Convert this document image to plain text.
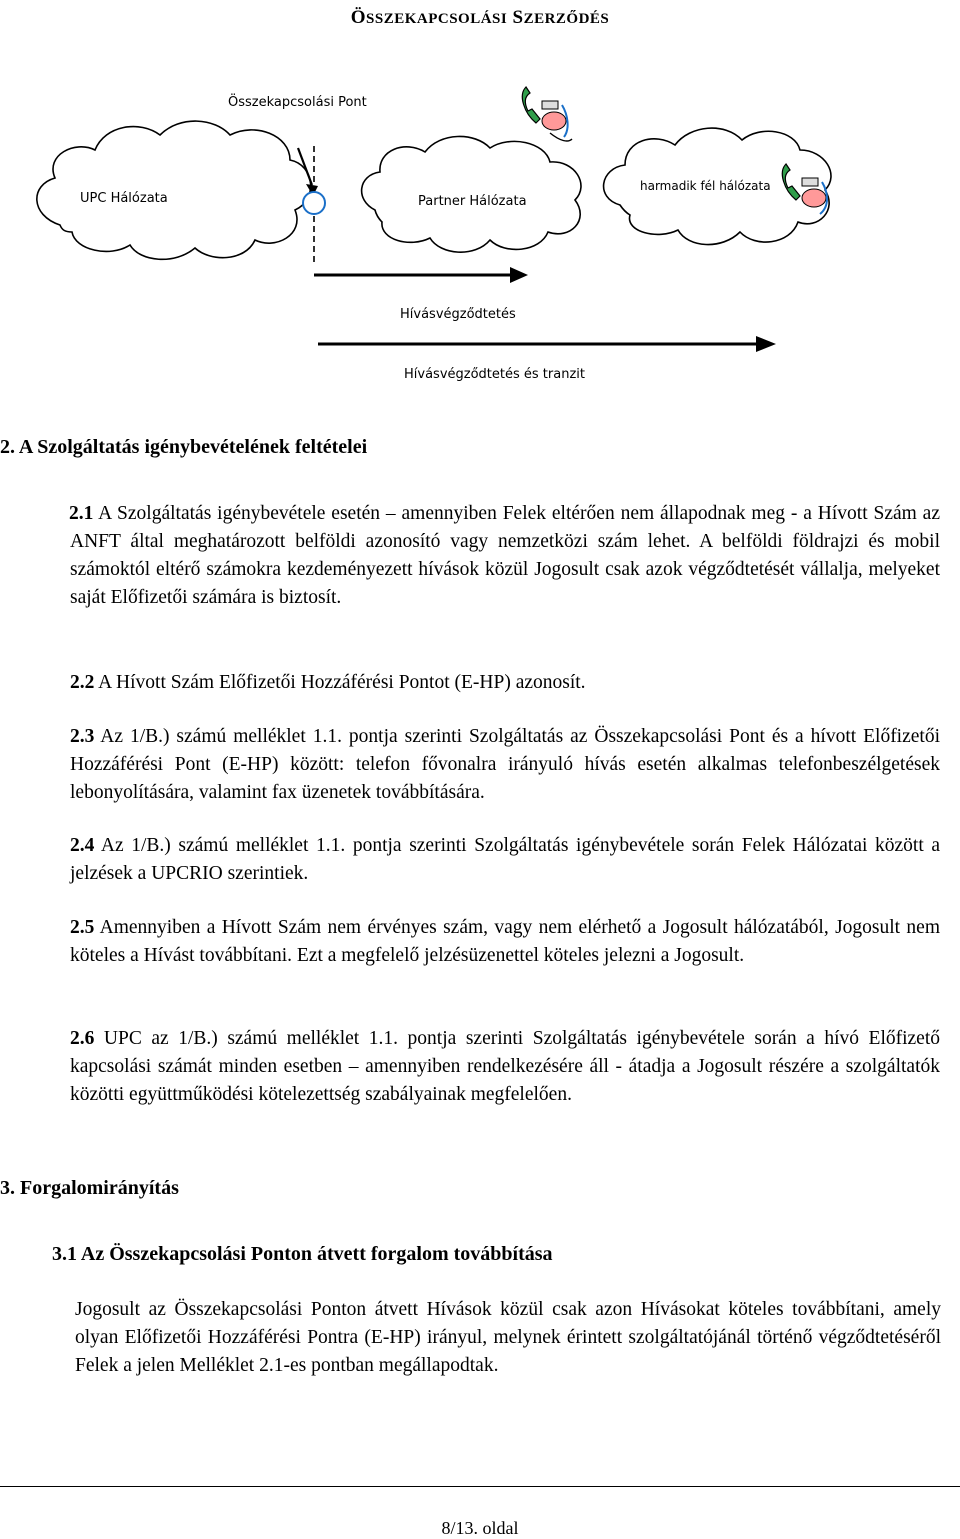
ÖSSZEKAPCSOLÁSI SZERZŐDÉS
UPC Hálózata	Partner Hálózata
harmadik fél hálózata
Összekapcsolási Pont
Hívásvégződtetés
Hívásvégződtetés és tranzit
2. A Szolgáltatás igénybevételének feltételei
2.1 A Szolgáltatás igénybevétele esetén – amennyiben Felek eltérően nem állapodnak meg - a Hívott Szám az ANFT által meghatározott belföldi azonosító vagy nemzetközi szám lehet. A belföldi földrajzi és mobil számoktól eltérő számokra kezdeményezett hívások közül Jogosult csak azok végződtetését vállalja, melyeket saját Előfizetői számára is biztosít.
2.2 A Hívott Szám Előfizetői Hozzáférési Pontot (E-HP) azonosít.
2.3 Az 1/B.) számú melléklet 1.1. pontja szerinti Szolgáltatás az Összekapcsolási Pont és a hívott Előfizetői Hozzáférési Pont (E-HP) között: telefon fővonalra irányuló hívás esetén alkalmas telefonbeszélgetések lebonyolítására, valamint fax üzenetek továbbítására.
2.4 Az 1/B.) számú melléklet 1.1. pontja szerinti Szolgáltatás igénybevétele során Felek Hálózatai között a jelzések a UPCRIO szerintiek.
2.5 Amennyiben a Hívott Szám nem érvényes szám, vagy nem elérhető a Jogosult hálózatából, Jogosult nem köteles a Hívást továbbítani. Ezt a megfelelő jelzésüzenettel köteles jelezni a Jogosult.
2.6 UPC az 1/B.) számú melléklet 1.1. pontja szerinti Szolgáltatás igénybevétele során a hívó Előfizető kapcsolási számát minden esetben – amennyiben rendelkezésére áll - átadja a Jogosult részére a szolgáltatók közötti együttműködési kötelezettség szabályainak megfelelően.
3. Forgalomirányítás
3.1 Az Összekapcsolási Ponton átvett forgalom továbbítása
Jogosult az Összekapcsolási Ponton átvett Hívások közül csak azon Hívásokat köteles továbbítani, amely olyan Előfizetői Hozzáférési Pontra (E-HP) irányul, melynek érintett szolgáltatójánál történő végződtetéséről Felek a jelen Melléklet 2.1-es pontban megállapodtak.
8/13. oldal
